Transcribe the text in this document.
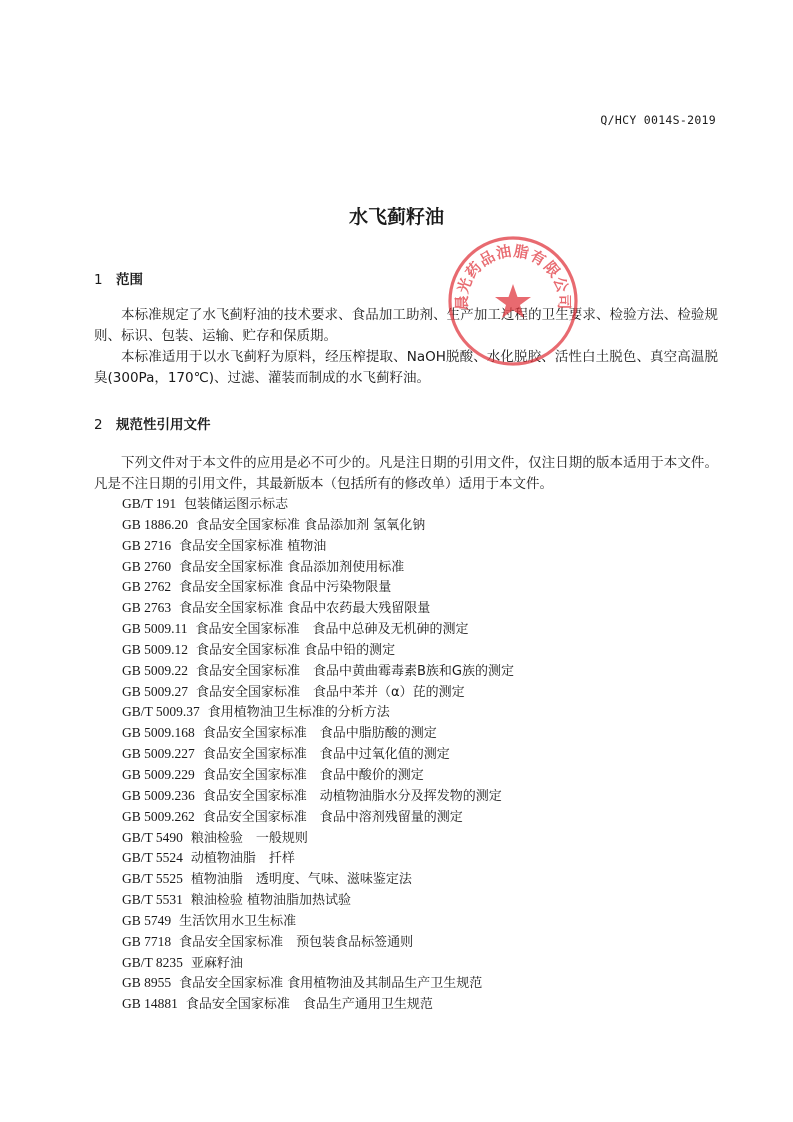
Q/HCY 0014S-2019
水飞蓟籽油
1 范围

本标准规定了水飞蓟籽油的技术要求、食品加工助剂、生产加工过程的卫生要求、检验方法、检验规则、标识、包装、运输、贮存和保质期。

本标准适用于以水飞蓟籽为原料，经压榨提取、NaOH脱酸、水化脱胶、活性白土脱色、真空高温脱臭(300Pa，170℃)、过滤、灌装而制成的水飞蓟籽油。

2 规范性引用文件

下列文件对于本文件的应用是必不可少的。凡是注日期的引用文件，仅注日期的版本适用于本文件。凡是不注日期的引用文件，其最新版本（包括所有的修改单）适用于本文件。

GB/T 191 包装储运图示标志
GB 1886.20 食品安全国家标准 食品添加剂 氢氧化钠
GB 2716 食品安全国家标准 植物油
GB 2760 食品安全国家标准 食品添加剂使用标准
GB 2762 食品安全国家标准 食品中污染物限量
GB 2763 食品安全国家标准 食品中农药最大残留限量
GB 5009.11 食品安全国家标准　食品中总砷及无机砷的测定
GB 5009.12 食品安全国家标准 食品中铅的测定
GB 5009.22 食品安全国家标准　食品中黄曲霉毒素B族和G族的测定
GB 5009.27 食品安全国家标准　食品中苯并（α）芘的测定
GB/T 5009.37 食用植物油卫生标准的分析方法
GB 5009.168 食品安全国家标准　食品中脂肪酸的测定
GB 5009.227 食品安全国家标准　食品中过氧化值的测定
GB 5009.229 食品安全国家标准　食品中酸价的测定
GB 5009.236 食品安全国家标准　动植物油脂水分及挥发物的测定
GB 5009.262 食品安全国家标准　食品中溶剂残留量的测定
GB/T 5490 粮油检验　一般规则
GB/T 5524 动植物油脂　扦样
GB/T 5525 植物油脂　透明度、气味、滋味鉴定法
GB/T 5531 粮油检验 植物油脂加热试验
GB 5749 生活饮用水卫生标准
GB 7718 食品安全国家标准　预包装食品标签通则
GB/T 8235 亚麻籽油
GB 8955 食品安全国家标准 食用植物油及其制品生产卫生规范
GB 14881 食品安全国家标准　食品生产通用卫生规范
晨光药品油脂有限公司
